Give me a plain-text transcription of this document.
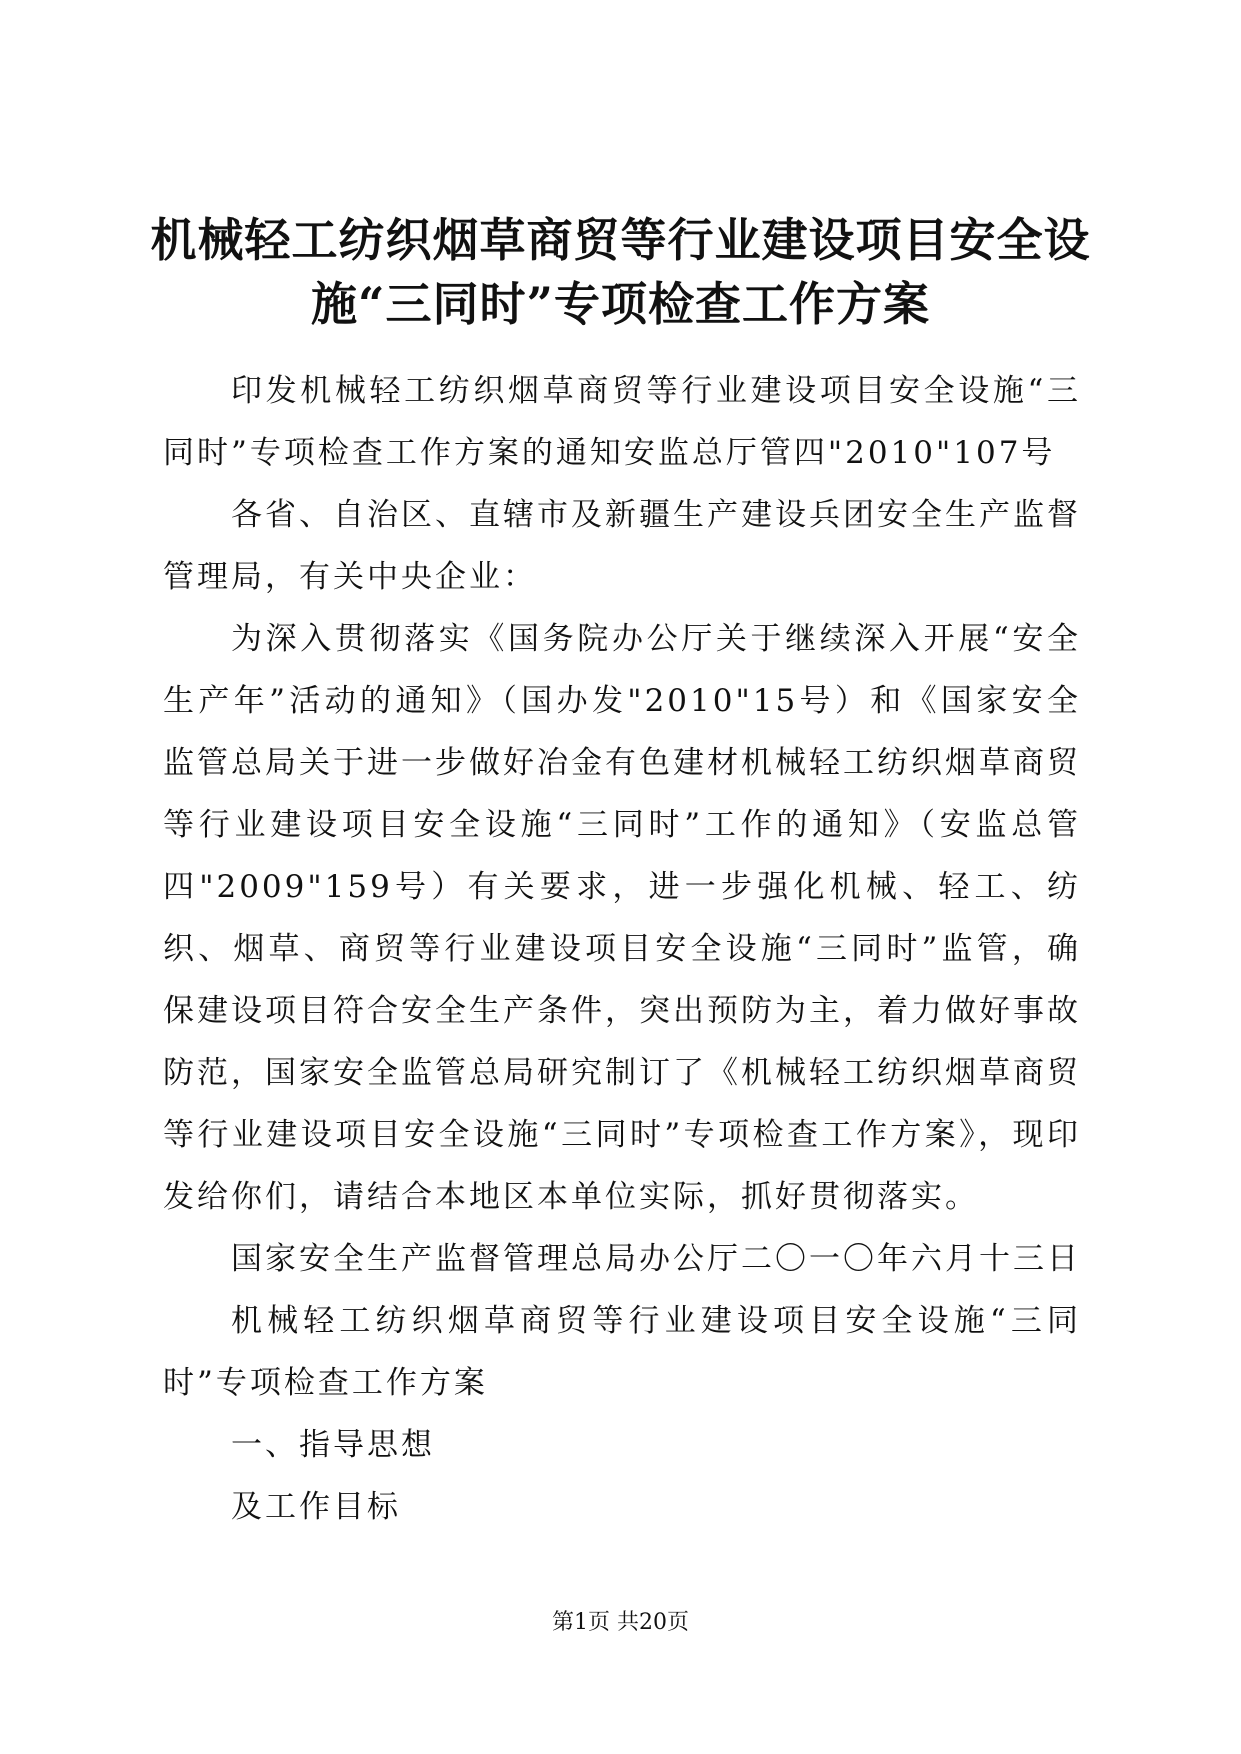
机械轻工纺织烟草商贸等行业建设项目安全设
施“三同时”专项检查工作方案

印发机械轻工纺织烟草商贸等行业建设项目安全设施“三同时”专项检查工作方案的通知安监总厅管四"2010"107号

各省、自治区、直辖市及新疆生产建设兵团安全生产监督管理局，有关中央企业：

为深入贯彻落实《国务院办公厅关于继续深入开展“安全生产年”活动的通知》（国办发"2010"15号）和《国家安全监管总局关于进一步做好冶金有色建材机械轻工纺织烟草商贸等行业建设项目安全设施“三同时”工作的通知》（安监总管四"2009"159号）有关要求，进一步强化机械、轻工、纺织、烟草、商贸等行业建设项目安全设施“三同时”监管，确保建设项目符合安全生产条件，突出预防为主，着力做好事故防范，国家安全监管总局研究制订了《机械轻工纺织烟草商贸等行业建设项目安全设施“三同时”专项检查工作方案》，现印发给你们，请结合本地区本单位实际，抓好贯彻落实。

国家安全生产监督管理总局办公厅二〇一〇年六月十三日

机械轻工纺织烟草商贸等行业建设项目安全设施“三同时”专项检查工作方案

一、指导思想

及工作目标

第1页 共20页
